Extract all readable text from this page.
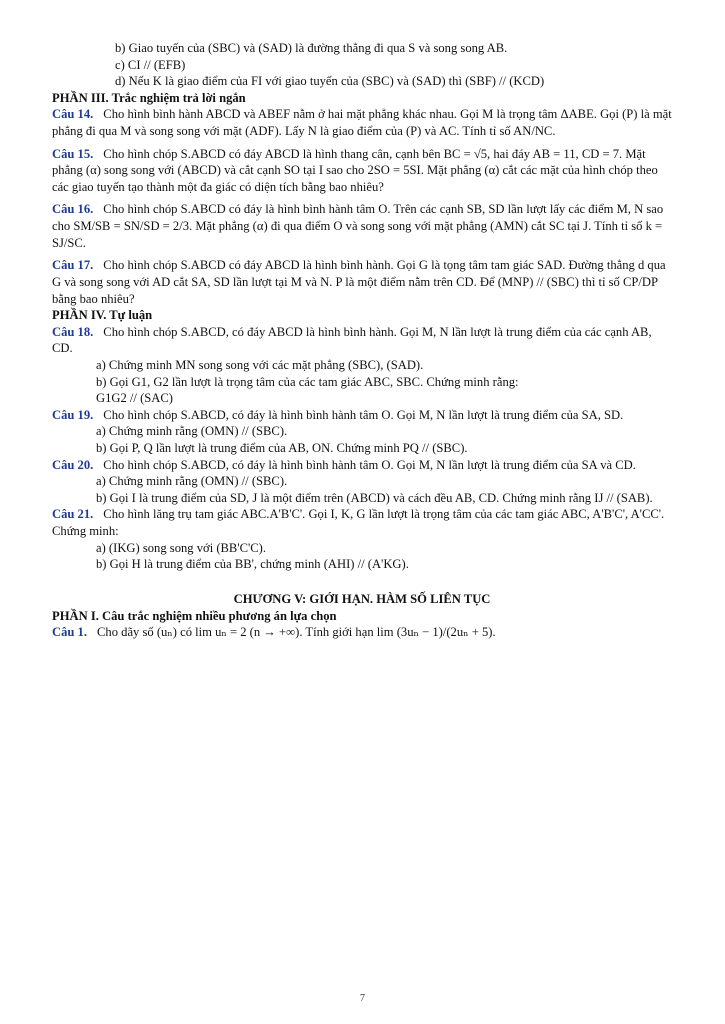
b) Giao tuyến của (SBC) và (SAD) là đường thẳng đi qua S và song song AB.
c) CI // (EFB)
d) Nếu K là giao điểm của FI với giao tuyến của (SBC) và (SAD) thì (SBF) // (KCD)
PHẦN III. Trắc nghiệm trả lời ngắn
Câu 14. Cho hình bình hành ABCD và ABEF nằm ở hai mặt phẳng khác nhau. Gọi M là trọng tâm ΔABE. Gọi (P) là mặt phẳng đi qua M và song song với mặt (ADF). Lấy N là giao điểm của (P) và AC. Tính tỉ số AN/NC.
Câu 15. Cho hình chóp S.ABCD có đáy ABCD là hình thang cân, cạnh bên BC = √5, hai đáy AB = 11, CD = 7. Mặt phẳng (α) song song với (ABCD) và cắt cạnh SO tại I sao cho 2SO = 5SI. Mặt phẳng (α) cắt các mặt của hình chóp theo các giao tuyến tạo thành một đa giác có diện tích bằng bao nhiêu?
Câu 16. Cho hình chóp S.ABCD có đáy là hình bình hành tâm O. Trên các cạnh SB, SD lần lượt lấy các điểm M, N sao cho SM/SB = SN/SD = 2/3. Mặt phẳng (α) đi qua điểm O và song song với mặt phẳng (AMN) cắt SC tại J. Tính tỉ số k = SJ/SC.
Câu 17. Cho hình chóp S.ABCD có đáy ABCD là hình bình hành. Gọi G là tọng tâm tam giác SAD. Đường thẳng d qua G và song song với AD cắt SA, SD lần lượt tại M và N. P là một điểm nằm trên CD. Để (MNP) // (SBC) thì tỉ số CP/DP bằng bao nhiêu?
PHẦN IV. Tự luận
Câu 18. Cho hình chóp S.ABCD, có đáy ABCD là hình bình hành. Gọi M, N lần lượt là trung điểm của các cạnh AB, CD.
a) Chứng minh MN song song với các mặt phẳng (SBC), (SAD).
b) Gọi G1, G2 lần lượt là trọng tâm của các tam giác ABC, SBC. Chứng minh rằng:
G1G2 // (SAC)
Câu 19. Cho hình chóp S.ABCD, có đáy là hình bình hành tâm O. Gọi M, N lần lượt là trung điểm của SA, SD.
a) Chứng minh rằng (OMN) // (SBC).
b) Gọi P, Q lần lượt là trung điểm của AB, ON. Chứng minh PQ // (SBC).
Câu 20. Cho hình chóp S.ABCD, có đáy là hình bình hành tâm O. Gọi M, N lần lượt là trung điểm của SA và CD.
a) Chứng minh rằng (OMN) // (SBC).
b) Gọi I là trung điểm của SD, J là một điểm trên (ABCD) và cách đều AB, CD. Chứng minh rằng IJ // (SAB).
Câu 21. Cho hình lăng trụ tam giác ABC.A'B'C'. Gọi I, K, G lần lượt là trọng tâm của các tam giác ABC, A'B'C', A'CC'. Chứng minh:
a) (IKG) song song với (BB'C'C).
b) Gọi H là trung điểm của BB', chứng minh (AHI) // (A'KG).
CHƯƠNG V: GIỚI HẠN. HÀM SỐ LIÊN TỤC
PHẦN I. Câu trắc nghiệm nhiều phương án lựa chọn
Câu 1. Cho dãy số (uₙ) có lim uₙ = 2 (n → +∞). Tính giới hạn lim (3uₙ − 1)/(2uₙ + 5).
7
